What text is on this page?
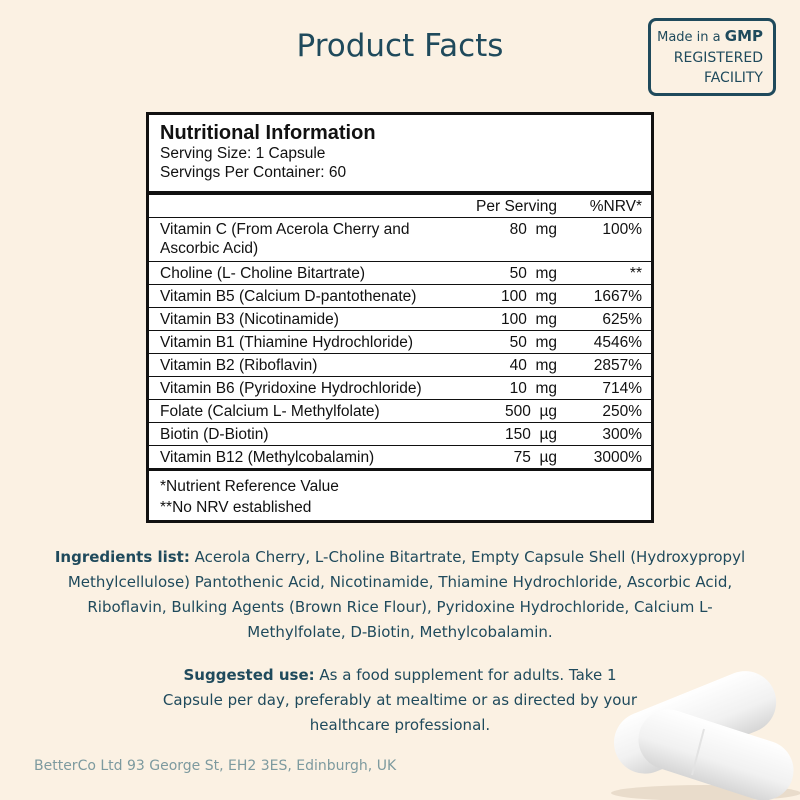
Product Facts	Made in a GMP
REGISTERED
FACILITY
Nutritional Information
Serving Size: 1 Capsule
Servings Per Container: 60
Per Serving %NRV*
Vitamin C (From Acerola Cherry and Ascorbic Acid)
80  mg	100%
Choline (L- Choline Bitartrate)	50  mg	**
Vitamin B5 (Calcium D-pantothenate)	100  mg 1667%
Vitamin B3 (Nicotinamide)	100  mg	625%
Vitamin B1 (Thiamine Hydrochloride)	50  mg 4546%
Vitamin B2 (Riboflavin)	40  mg 2857%
Vitamin B6 (Pyridoxine Hydrochloride)	10  mg	714%
Folate (Calcium L- Methylfolate)	500  µg	250%
Biotin (D-Biotin)	150  µg	300%
Vitamin B12 (Methylcobalamin)	75  µg 3000%
*Nutrient Reference Value
**No NRV established
Ingredients list: Acerola Cherry, L-Choline Bitartrate, Empty Capsule Shell (Hydroxypropyl Methylcellulose) Pantothenic Acid, Nicotinamide, Thiamine Hydrochloride, Ascorbic Acid, Riboflavin, Bulking Agents (Brown Rice Flour), Pyridoxine Hydrochloride, Calcium L-Methylfolate, D-Biotin, Methylcobalamin.
Suggested use: As a food supplement for adults. Take 1 Capsule per day, preferably at mealtime or as directed by your healthcare professional.
BetterCo Ltd 93 George St, EH2 3ES, Edinburgh, UK
